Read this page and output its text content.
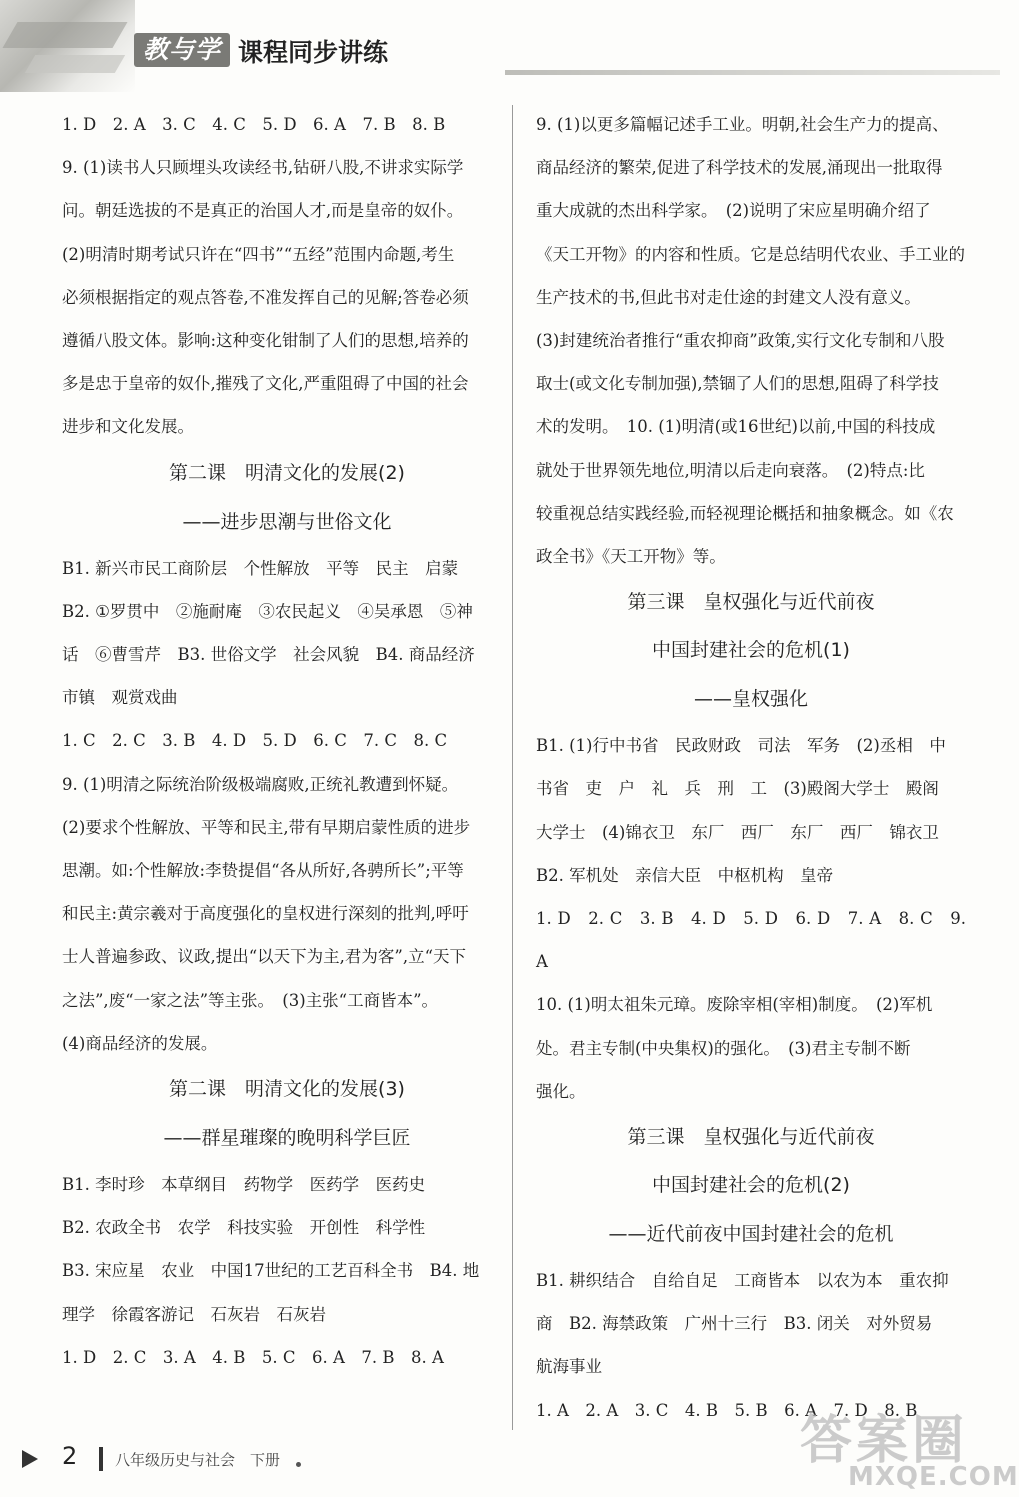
教与学 课程同步讲练
1. D　2. A　3. C　4. C　5. D　6. A　7. B　8. B
9. (1)读书人只顾埋头攻读经书,钻研八股,不讲求实际学
问。朝廷选拔的不是真正的治国人才,而是皇帝的奴仆。
(2)明清时期考试只许在“四书”“五经”范围内命题,考生
必须根据指定的观点答卷,不准发挥自己的见解;答卷必须
遵循八股文体。影响:这种变化钳制了人们的思想,培养的
多是忠于皇帝的奴仆,摧残了文化,严重阻碍了中国的社会
进步和文化发展。
第二课　明清文化的发展(2)
——进步思潮与世俗文化
B1. 新兴市民工商阶层　个性解放　平等　民主　启蒙
B2. ①罗贯中　②施耐庵　③农民起义　④吴承恩　⑤神
话　⑥曹雪芹　B3. 世俗文学　社会风貌　B4. 商品经济
市镇　观赏戏曲
1. C　2. C　3. B　4. D　5. D　6. C　7. C　8. C
9. (1)明清之际统治阶级极端腐败,正统礼教遭到怀疑。
(2)要求个性解放、平等和民主,带有早期启蒙性质的进步
思潮。如:个性解放:李贽提倡“各从所好,各骋所长”;平等
和民主:黄宗羲对于高度强化的皇权进行深刻的批判,呼吁
士人普遍参政、议政,提出“以天下为主,君为客”,立“天下
之法”,废“一家之法”等主张。　(3)主张“工商皆本”。
(4)商品经济的发展。
第二课　明清文化的发展(3)
——群星璀璨的晚明科学巨匠
B1. 李时珍　本草纲目　药物学　医药学　医药史
B2. 农政全书　农学　科技实验　开创性　科学性
B3. 宋应星　农业　中国17世纪的工艺百科全书　B4. 地
理学　徐霞客游记　石灰岩　石灰岩
1. D　2. C　3. A　4. B　5. C　6. A　7. B　8. A
9. (1)以更多篇幅记述手工业。明朝,社会生产力的提高、
商品经济的繁荣,促进了科学技术的发展,涌现出一批取得
重大成就的杰出科学家。　(2)说明了宋应星明确介绍了
《天工开物》的内容和性质。它是总结明代农业、手工业的
生产技术的书,但此书对走仕途的封建文人没有意义。
(3)封建统治者推行“重农抑商”政策,实行文化专制和八股
取士(或文化专制加强),禁锢了人们的思想,阻碍了科学技
术的发明。　10. (1)明清(或16世纪)以前,中国的科技成
就处于世界领先地位,明清以后走向衰落。　(2)特点:比
较重视总结实践经验,而轻视理论概括和抽象概念。如《农
政全书》《天工开物》等。
第三课　皇权强化与近代前夜
中国封建社会的危机(1)
——皇权强化
B1. (1)行中书省　民政财政　司法　军务　(2)丞相　中
书省　吏　户　礼　兵　刑　工　(3)殿阁大学士　殿阁
大学士　(4)锦衣卫　东厂　西厂　东厂　西厂　锦衣卫
B2. 军机处　亲信大臣　中枢机构　皇帝
1. D　2. C　3. B　4. D　5. D　6. D　7. A　8. C　9. A
10. (1)明太祖朱元璋。废除宰相(宰相)制度。　(2)军机
处。君主专制(中央集权)的强化。　(3)君主专制不断
强化。
第三课　皇权强化与近代前夜
中国封建社会的危机(2)
——近代前夜中国封建社会的危机
B1. 耕织结合　自给自足　工商皆本　以农为本　重农抑
商　B2. 海禁政策　广州十三行　B3. 闭关　对外贸易
航海事业
1. A　2. A　3. C　4. B　5. B　6. A　7. D　8. B
2	八年级历史与社会　下册	答案圈
MXQE.COM
